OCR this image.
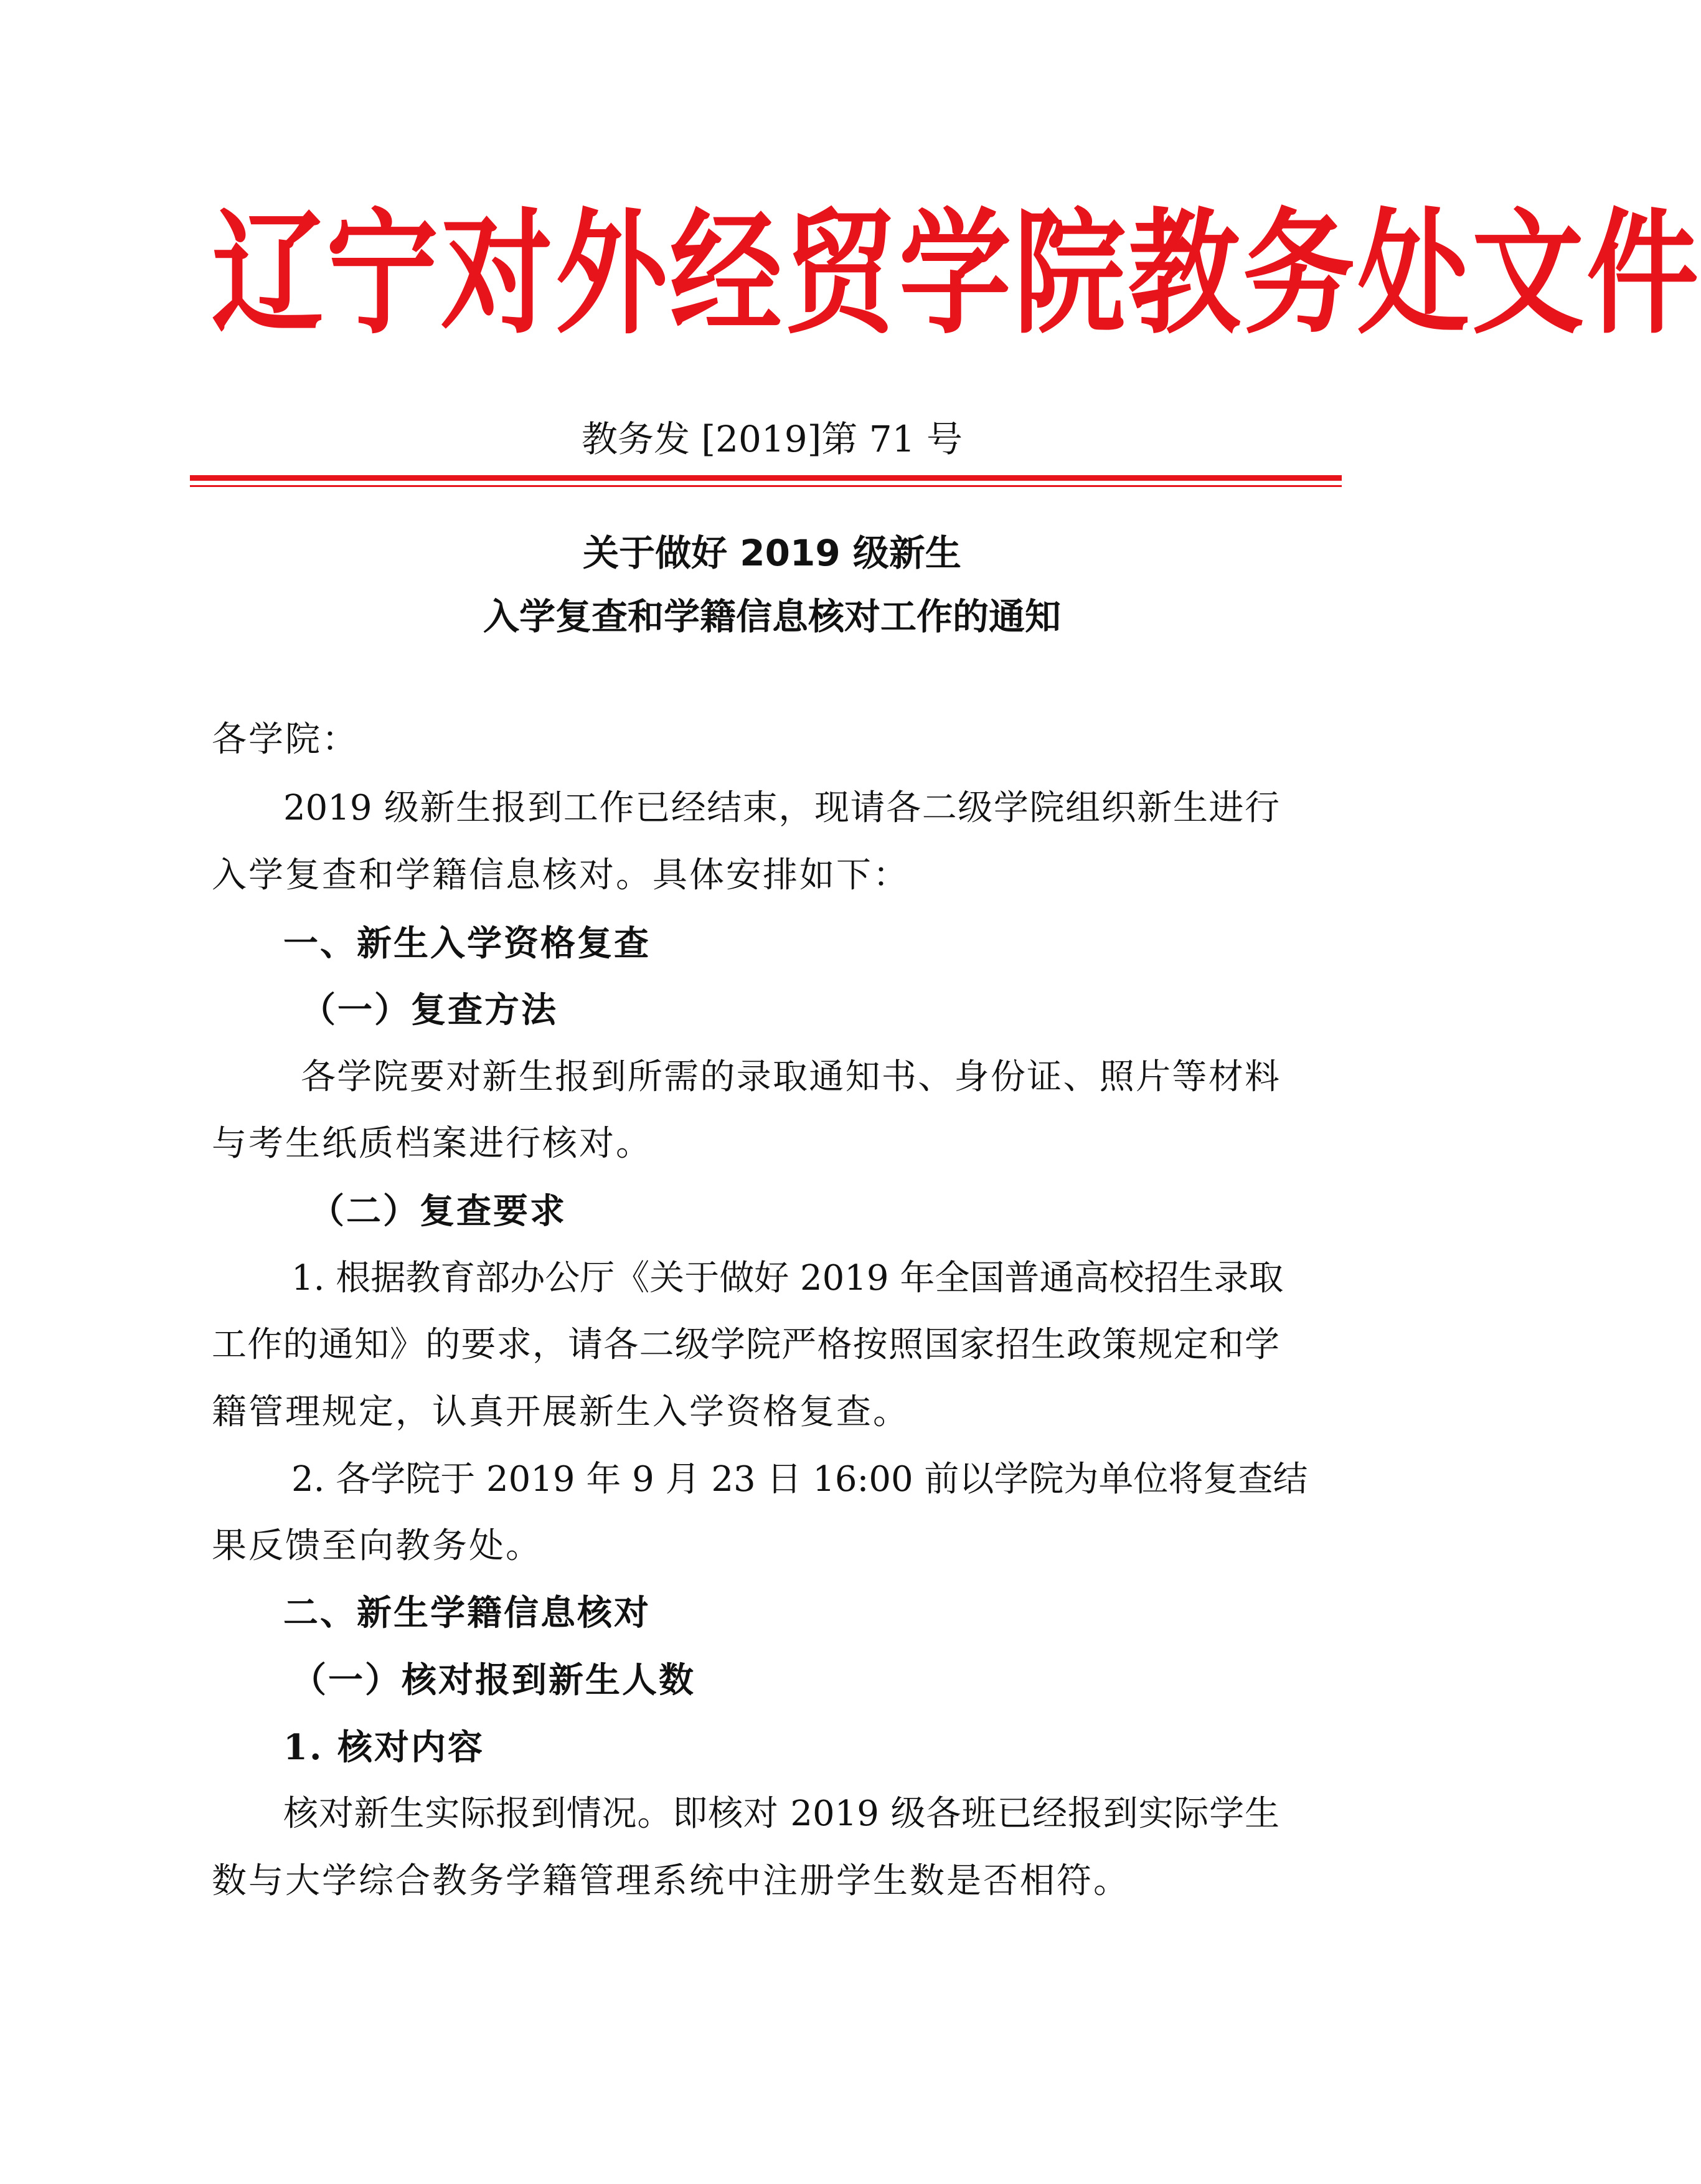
辽宁对外经贸学院教务处文件
教务发 [2019]第 71 号
关于做好 2019 级新生
入学复查和学籍信息核对工作的通知
各学院：
2019 级新生报到工作已经结束，现请各二级学院组织新生进行
入学复查和学籍信息核对。具体安排如下：
一、新生入学资格复查
（一）复查方法
各学院要对新生报到所需的录取通知书、身份证、照片等材料
与考生纸质档案进行核对。
（二）复查要求
1. 根据教育部办公厅《关于做好 2019 年全国普通高校招生录取
工作的通知》的要求，请各二级学院严格按照国家招生政策规定和学
籍管理规定，认真开展新生入学资格复查。
2. 各学院于 2019 年 9 月 23 日 16:00 前以学院为单位将复查结
果反馈至向教务处。
二、新生学籍信息核对
（一）核对报到新生人数
1. 核对内容
核对新生实际报到情况。即核对 2019 级各班已经报到实际学生
数与大学综合教务学籍管理系统中注册学生数是否相符。
